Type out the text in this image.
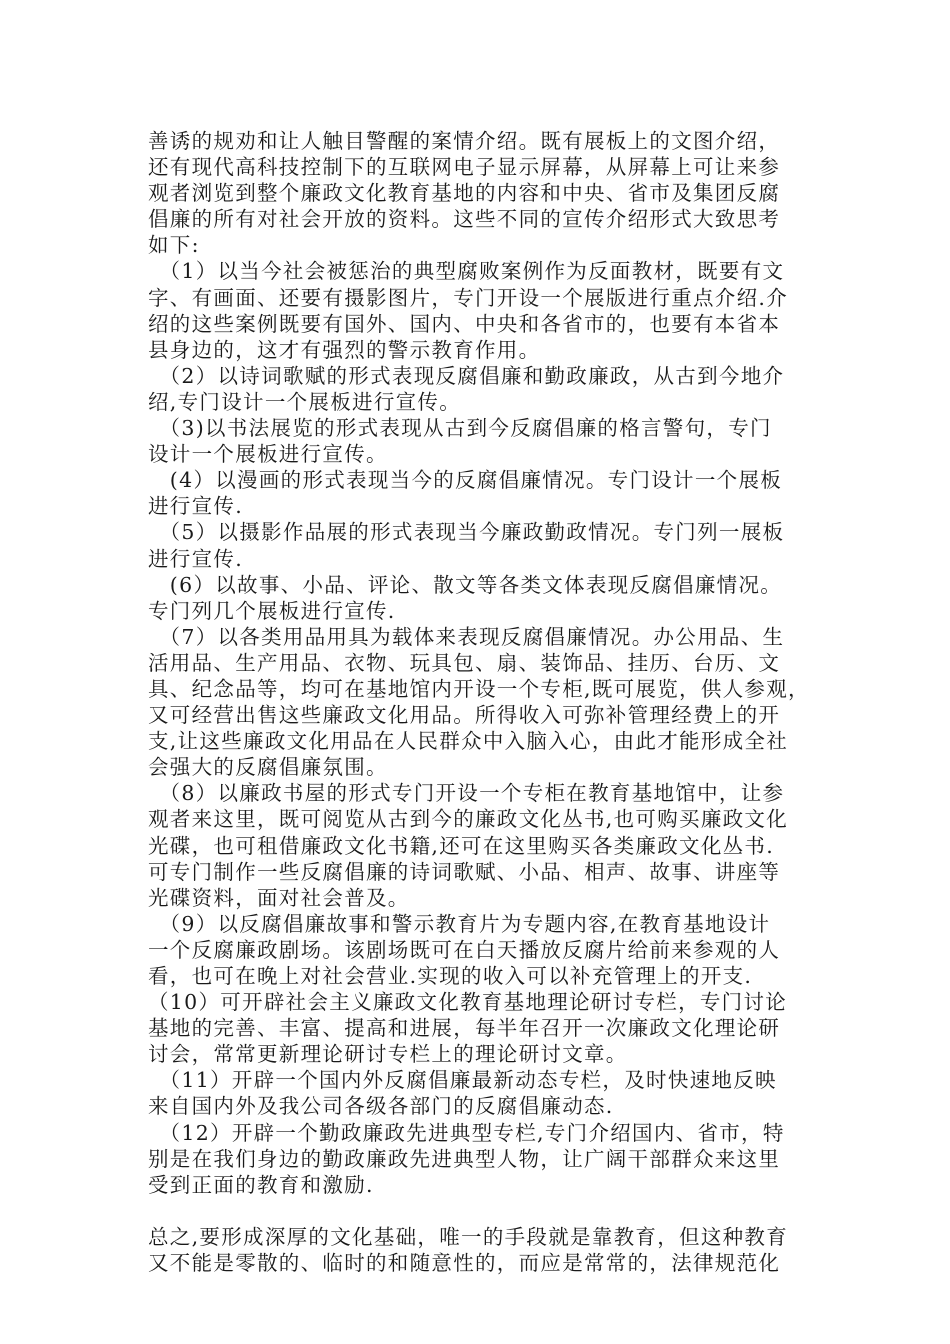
善诱的规劝和让人触目警醒的案情介绍。既有展板上的文图介绍，
还有现代高科技控制下的互联网电子显示屏幕，从屏幕上可让来参
观者浏览到整个廉政文化教育基地的内容和中央、省市及集团反腐
倡廉的所有对社会开放的资料。这些不同的宣传介绍形式大致思考
如下:
　（1）以当今社会被惩治的典型腐败案例作为反面教材，既要有文
字、有画面、还要有摄影图片，专门开设一个展版进行重点介绍.介
绍的这些案例既要有国外、国内、中央和各省市的，也要有本省本
县身边的，这才有强烈的警示教育作用。
　（2）以诗词歌赋的形式表现反腐倡廉和勤政廉政，从古到今地介
绍,专门设计一个展板进行宣传。
　（3)以书法展览的形式表现从古到今反腐倡廉的格言警句，专门
设计一个展板进行宣传。
　(4）以漫画的形式表现当今的反腐倡廉情况。专门设计一个展板
进行宣传.
　（5）以摄影作品展的形式表现当今廉政勤政情况。专门列一展板
进行宣传.
　(6）以故事、小品、评论、散文等各类文体表现反腐倡廉情况。
专门列几个展板进行宣传.
　（7）以各类用品用具为载体来表现反腐倡廉情况。办公用品、生
活用品、生产用品、衣物、玩具包、扇、装饰品、挂历、台历、文
具、纪念品等，均可在基地馆内开设一个专柜,既可展览，供人参观，
又可经营出售这些廉政文化用品。所得收入可弥补管理经费上的开
支,让这些廉政文化用品在人民群众中入脑入心，由此才能形成全社
会强大的反腐倡廉氛围。
　（8）以廉政书屋的形式专门开设一个专柜在教育基地馆中，让参
观者来这里，既可阅览从古到今的廉政文化丛书,也可购买廉政文化
光碟，也可租借廉政文化书籍,还可在这里购买各类廉政文化丛书.
可专门制作一些反腐倡廉的诗词歌赋、小品、相声、故事、讲座等
光碟资料，面对社会普及。
　（9）以反腐倡廉故事和警示教育片为专题内容,在教育基地设计
一个反腐廉政剧场。该剧场既可在白天播放反腐片给前来参观的人
看，也可在晚上对社会营业.实现的收入可以补充管理上的开支.
（10）可开辟社会主义廉政文化教育基地理论研讨专栏，专门讨论
基地的完善、丰富、提高和进展，每半年召开一次廉政文化理论研
讨会，常常更新理论研讨专栏上的理论研讨文章。
　（11）开辟一个国内外反腐倡廉最新动态专栏，及时快速地反映
来自国内外及我公司各级各部门的反腐倡廉动态.
　（12）开辟一个勤政廉政先进典型专栏,专门介绍国内、省市，特
别是在我们身边的勤政廉政先进典型人物，让广阔干部群众来这里
受到正面的教育和激励.
总之,要形成深厚的文化基础，唯一的手段就是靠教育，但这种教育
又不能是零散的、临时的和随意性的，而应是常常的，法律规范化
